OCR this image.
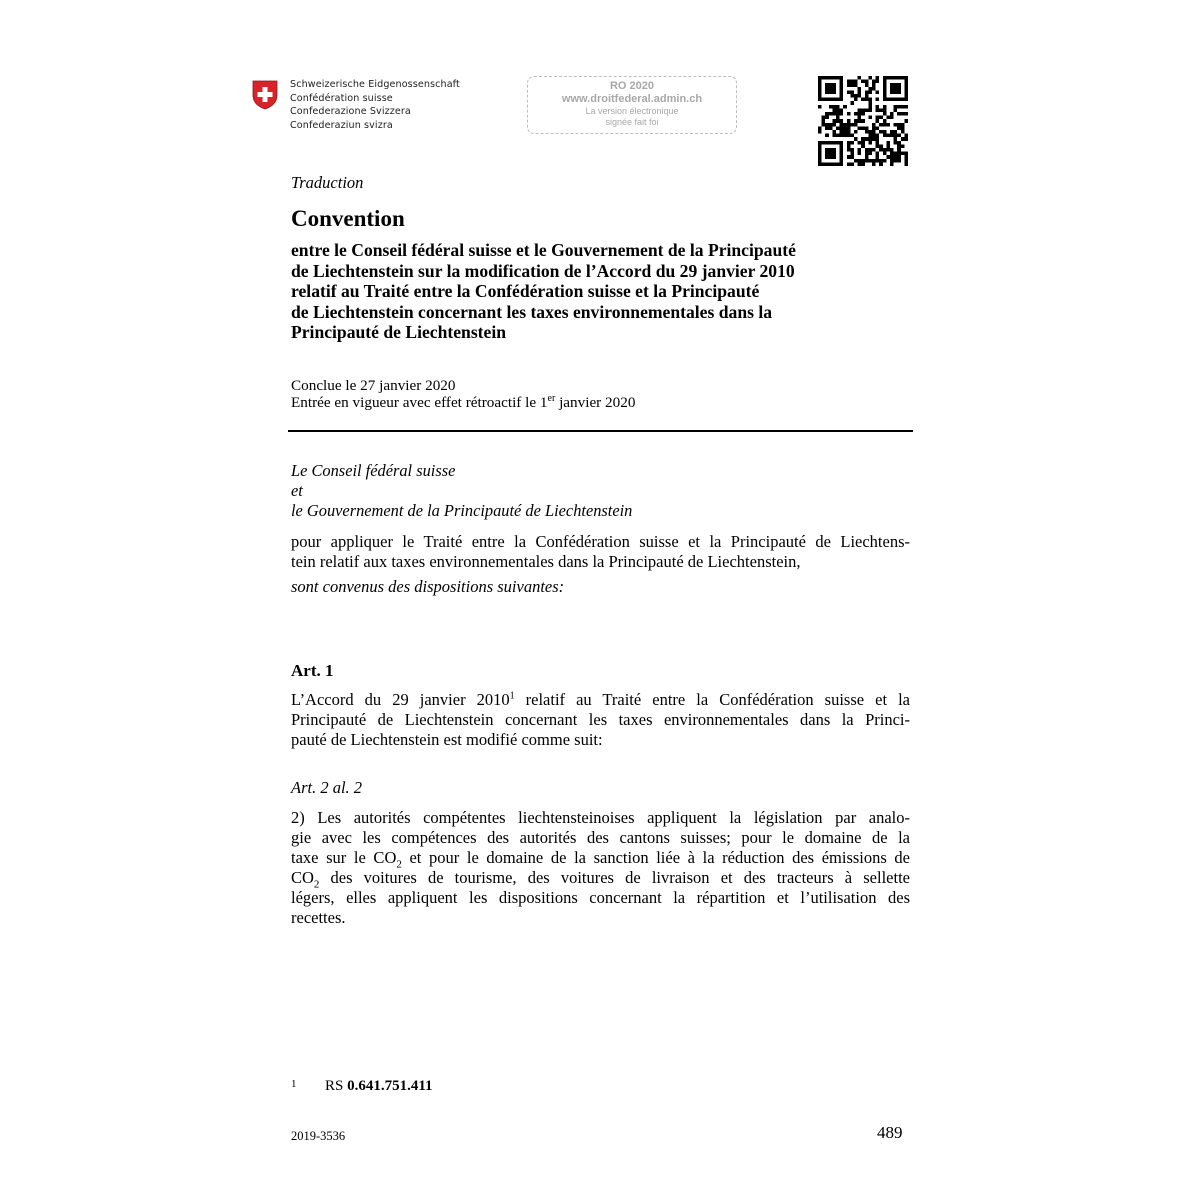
Schweizerische Eidgenossenschaft
Confédération suisse
Confederazione Svizzera
Confederaziun svizra
RO 2020
www.droitfederal.admin.ch
La version électronique
signée fait foi
Traduction
Convention
entre le Conseil fédéral suisse et le Gouvernement de la Principauté
de Liechtenstein sur la modification de l’Accord du 29 janvier 2010
relatif au Traité entre la Confédération suisse et la Principauté
de Liechtenstein concernant les taxes environnementales dans la
Principauté de Liechtenstein
Conclue le 27 janvier 2020
Entrée en vigueur avec effet rétroactif le 1er janvier 2020
Le Conseil fédéral suisse
et
le Gouvernement de la Principauté de Liechtenstein
pour appliquer le Traité entre la Confédération suisse et la Principauté de Liechtens-
tein relatif aux taxes environnementales dans la Principauté de Liechtenstein,
sont convenus des dispositions suivantes:
Art. 1
L’Accord du 29 janvier 2010$^1$ relatif au Traité entre la Confédération suisse et la
Principauté de Liechtenstein concernant les taxes environnementales dans la Princi-
pauté de Liechtenstein est modifié comme suit:
Art. 2 al. 2
2) Les autorités compétentes liechtensteinoises appliquent la législation par analo-
gie avec les compétences des autorités des cantons suisses; pour le domaine de la
taxe sur le $CO_2$ et pour le domaine de la sanction liée à la réduction des émissions de
$CO_2$ des voitures de tourisme, des voitures de livraison et des tracteurs à sellette
légers, elles appliquent les dispositions concernant la répartition et l’utilisation des
recettes.
1 RS 0.641.751.411
2019-3536	489
